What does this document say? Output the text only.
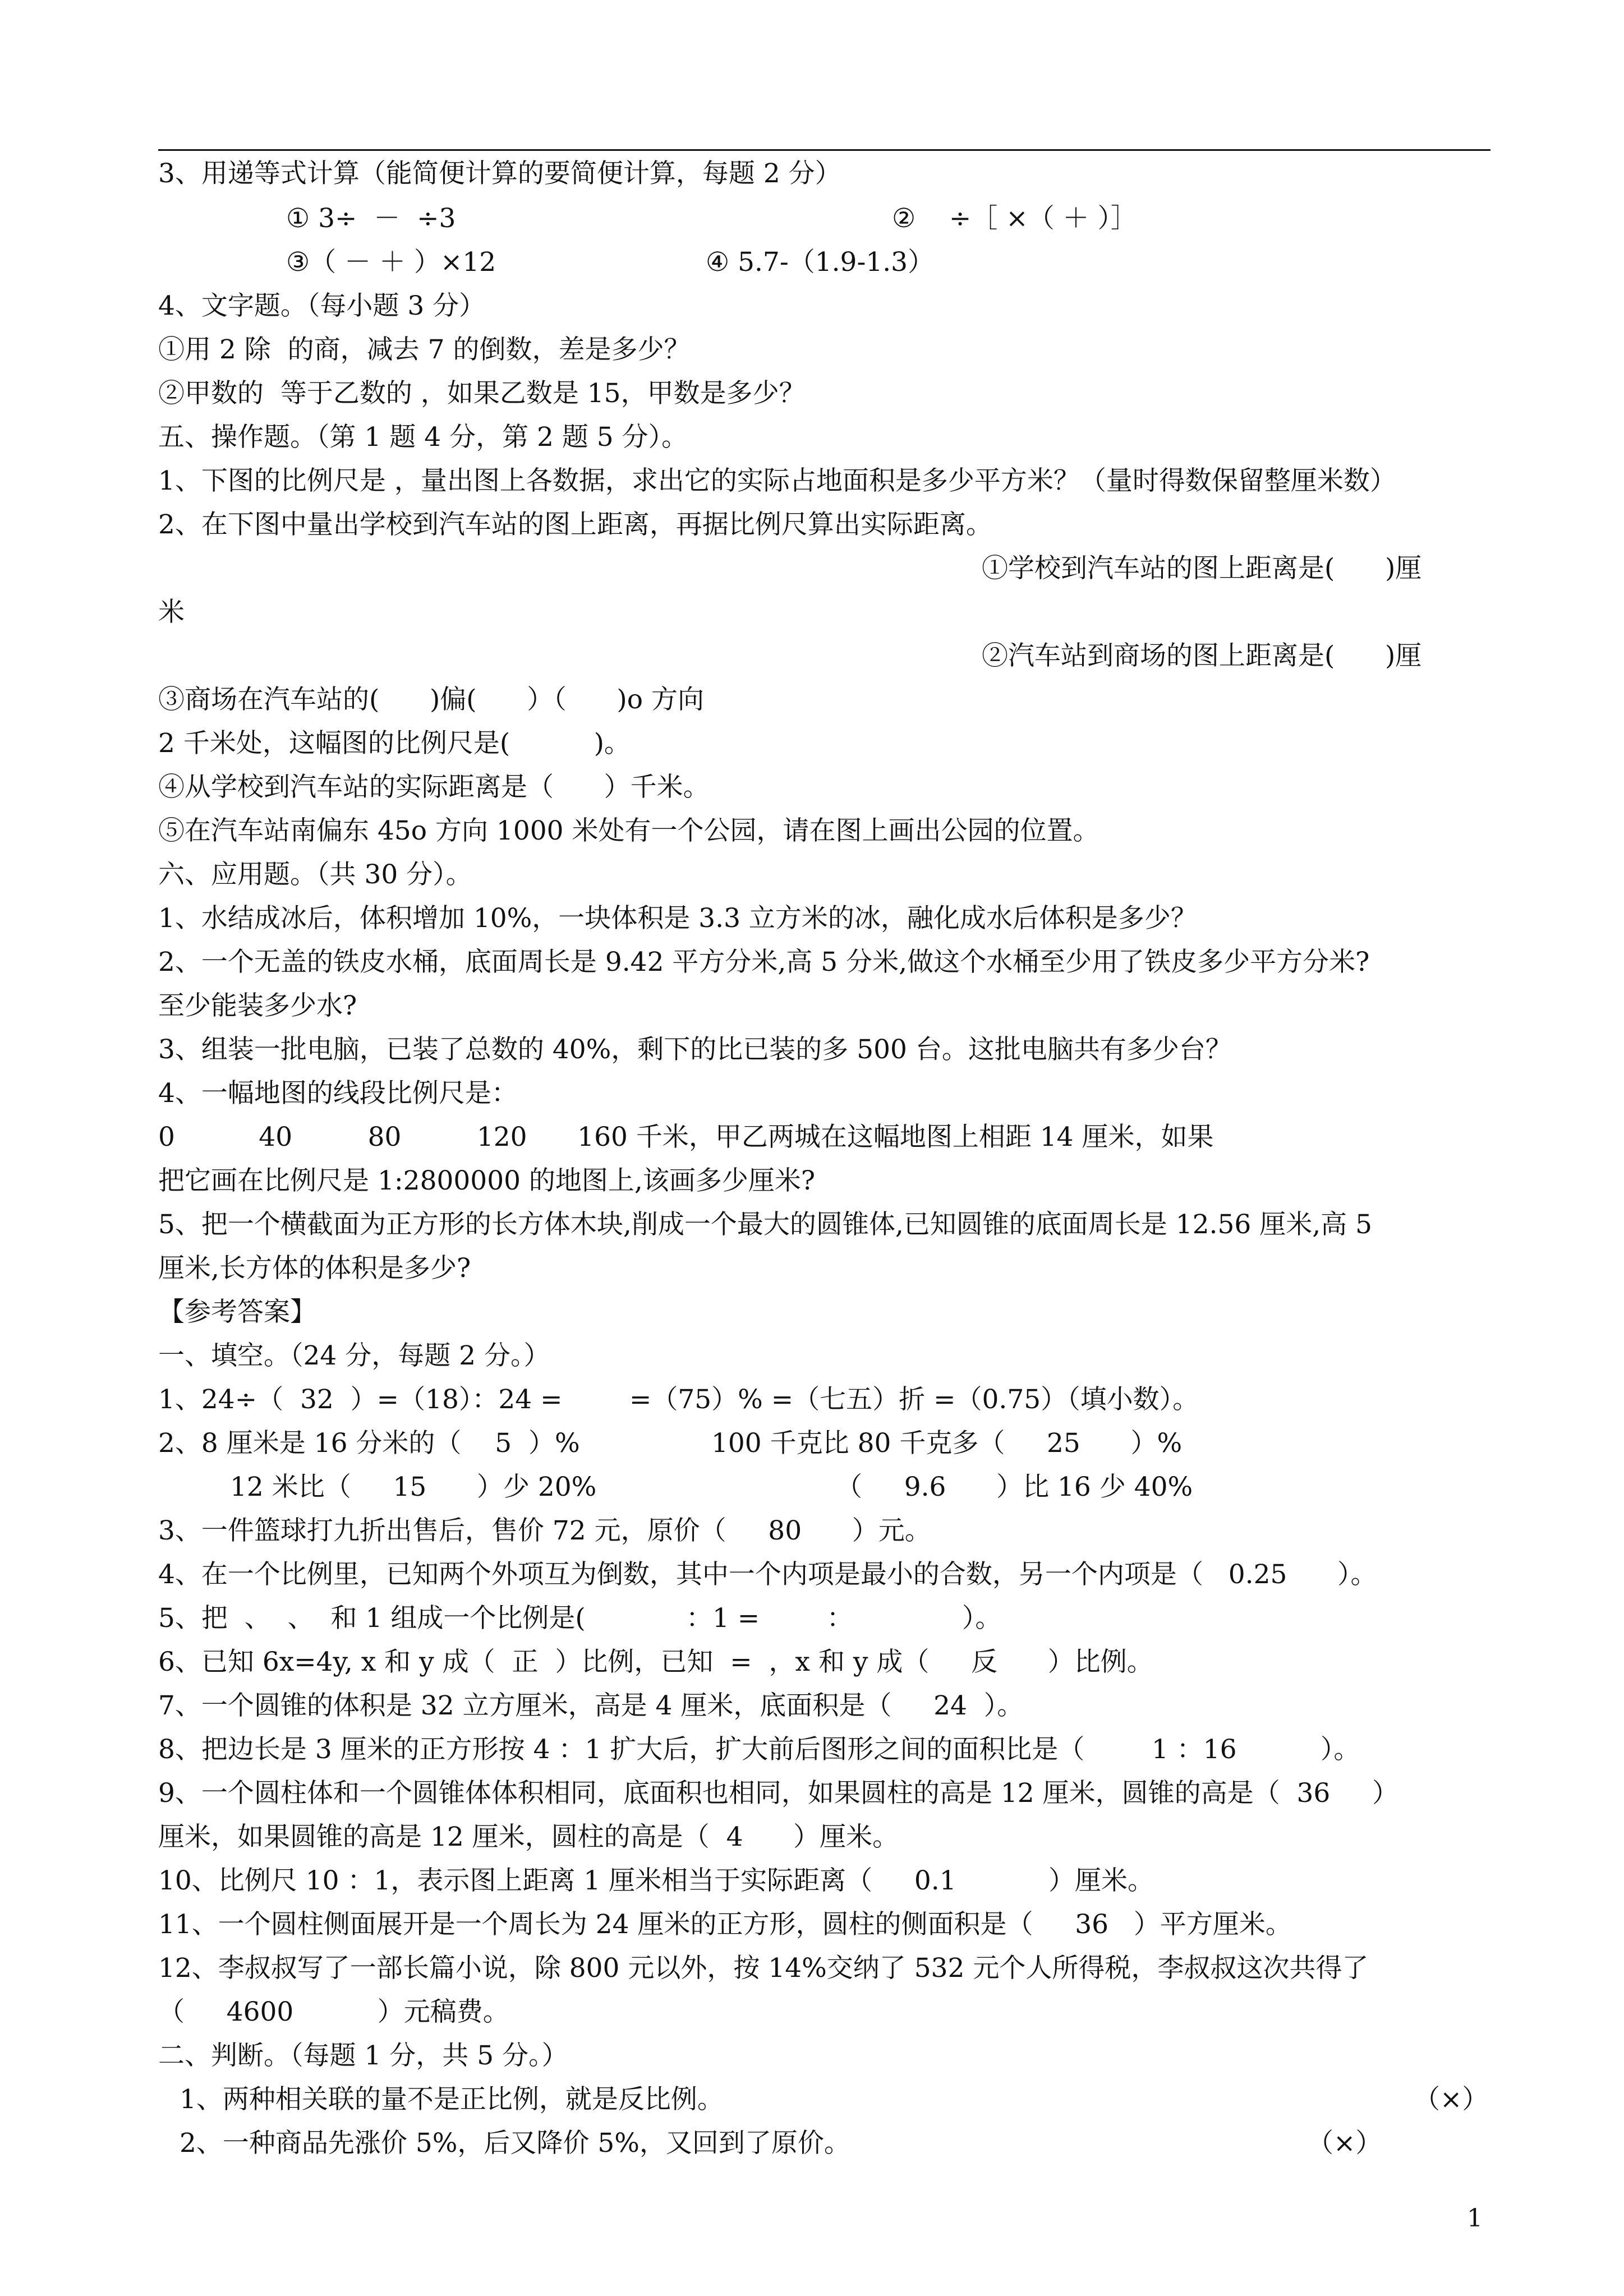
3、用递等式计算（能简便计算的要简便计算，每题 2 分）
① 3÷  －  ÷3	②    ÷［ ×（ ＋ ）］
③（ － ＋ ）×12	④ 5.7-（1.9-1.3）
4、文字题。（每小题 3 分）
①用 2 除  的商，减去 7 的倒数，差是多少？
②甲数的  等于乙数的 ，如果乙数是 15，甲数是多少？
五、操作题。（第 1 题 4 分，第 2 题 5 分）。
1、下图的比例尺是 ，量出图上各数据，求出它的实际占地面积是多少平方米？（量时得数保留整厘米数）
2、在下图中量出学校到汽车站的图上距离，再据比例尺算出实际距离。
①学校到汽车站的图上距离是(      )厘
米
②汽车站到商场的图上距离是(      )厘
③商场在汽车站的(      )偏(      ）（      )o 方向
2 千米处，这幅图的比例尺是(          )。
④从学校到汽车站的实际距离是（      ）千米。
⑤在汽车站南偏东 45o 方向 1000 米处有一个公园，请在图上画出公园的位置。
六、应用题。（共 30 分）。
1、水结成冰后，体积增加 10%，一块体积是 3.3 立方米的冰，融化成水后体积是多少？
2、一个无盖的铁皮水桶，底面周长是 9.42 平方分米,高 5 分米,做这个水桶至少用了铁皮多少平方分米?
至少能装多少水?
3、组装一批电脑，已装了总数的 40%，剩下的比已装的多 500 台。这批电脑共有多少台？
4、一幅地图的线段比例尺是：
0          40         80         120      160 千米，甲乙两城在这幅地图上相距 14 厘米，如果
把它画在比例尺是 1:2800000 的地图上,该画多少厘米?
5、把一个横截面为正方形的长方体木块,削成一个最大的圆锥体,已知圆锥的底面周长是 12.56 厘米,高 5
厘米,长方体的体积是多少?
【参考答案】
一、填空。（24 分，每题 2 分。）
1、24÷（  32  ）=（18）：24 =        =（75）% =（七五）折 =（0.75）（填小数）。
2、8 厘米是 16 分米的（    5  ）%	100 千克比 80 千克多（     25      ）%
12 米比（     15      ）少 20%	（     9.6      ）比 16 少 40%
3、一件篮球打九折出售后，售价 72 元，原价（     80      ）元。
4、在一个比例里，已知两个外项互为倒数，其中一个内项是最小的合数，另一个内项是（   0.25      ）。
5、把  、  、  和 1 组成一个比例是(            ：1 =        ：             ）。
6、已知 6x=4y, x 和 y 成（  正  ）比例，已知  =  ，x 和 y 成（     反      ）比例。
7、一个圆锥的体积是 32 立方厘米，高是 4 厘米，底面积是（     24  ）。
8、把边长是 3 厘米的正方形按 4 ：1 扩大后，扩大前后图形之间的面积比是（        1 ：16          ）。
9、一个圆柱体和一个圆锥体体积相同，底面积也相同，如果圆柱的高是 12 厘米，圆锥的高是（  36     ）
厘米，如果圆锥的高是 12 厘米，圆柱的高是（  4      ）厘米。
10、比例尺 10 ：1，表示图上距离 1 厘米相当于实际距离（     0.1           ）厘米。
11、一个圆柱侧面展开是一个周长为 24 厘米的正方形，圆柱的侧面积是（     36   ）平方厘米。
12、李叔叔写了一部长篇小说，除 800 元以外，按 14%交纳了 532 元个人所得税，李叔叔这次共得了
（     4600          ）元稿费。
二、判断。（每题 1 分，共 5 分。）
1、两种相关联的量不是正比例，就是反比例。	（×）
2、一种商品先涨价 5%，后又降价 5%，又回到了原价。	（×）
1
